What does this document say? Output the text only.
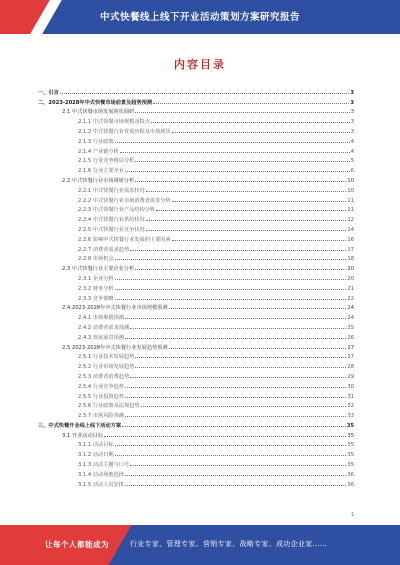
中式快餐线上线下开业活动策划方案研究报告
内容目录
一、引言	3
二、2023-2028年中式快餐市场前景及趋势预测	3
2.1 中式快餐市场发展现状调研	3
2.1.1 中式快餐市场规模及特点	3
2.1.2 中式快餐行业发展历程及市场现状	3
2.1.3 行业政策	4
2.1.4 产业链分析	4
2.1.5 行业竞争格局分析	5
2.1.6 行业主要企业	6
2.2 中式快餐行业市场调研分析	10
2.2.1 中式快餐行业需求状况	10
2.2.2 中式快餐行业市场消费者需求分析	11
2.2.3 中式快餐行业产品结构分析	11
2.2.4 中式快餐行业供给状况	12
2.2.5 中式快餐行业竞争状况	14
2.2.6 影响中式快餐行业发展的主要因素	16
2.2.7 消费者需求趋势	17
2.2.8 市场机会	18
2.3 中式快餐行业主要企业分析	20
2.3.1 企业分析	20
2.3.2 财务分析	21
2.3.3 竞争策略	22
2.4 2023-2028年中式快餐行业市场规模预测	24
2.4.1 市场规模预测	24
2.4.2 消费者需求预测	25
2.4.3 发展前景预测	26
2.5 2023-2028年中式快餐行业发展趋势预测	27
2.5.1 行业技术发展趋势	27
2.5.2 行业市场发展趋势	28
2.5.3 消费者消费趋势	29
2.5.4 行业竞争趋势	30
2.5.5 行业投资趋势	31
2.5.6 行业政策及法规趋势	32
2.5.7 市场风险预测	33
三、中式快餐开业线上线下活动方案	35
3.1 开业活动目标	35
3.1.1 活动目标	35
3.1.2 活动日期	35
3.1.3 活动主题与口号	35
3.1.4 活动场地选择	36
3.1.5 活动人员安排	36
1
让每个人都能成为	行业专家、管理专家、营销专家、战略专家、成功企业家……
